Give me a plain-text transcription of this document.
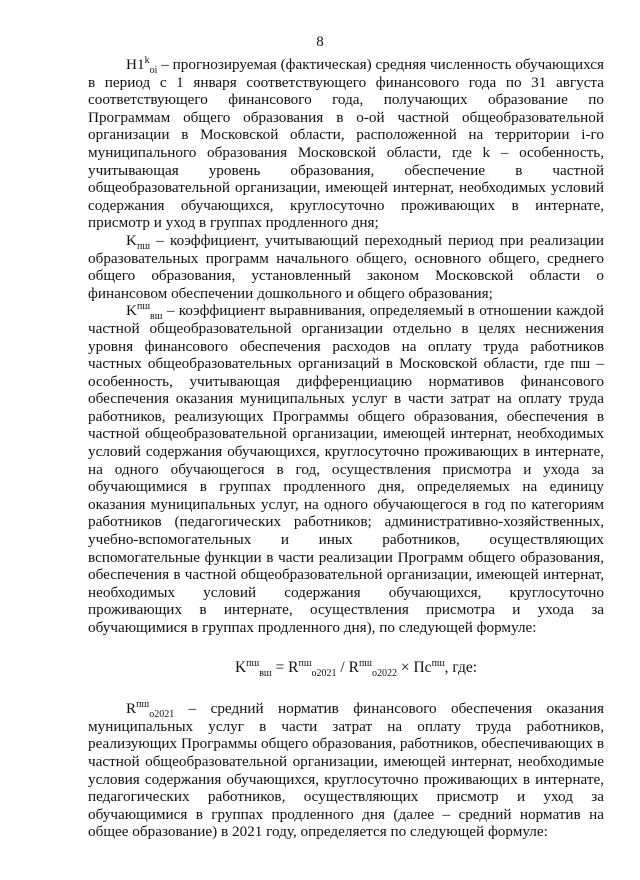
8

$H1^k_{oi}$ – прогнозируемая (фактическая) средняя численность обучающихся в период с 1 января соответствующего финансового года по 31 августа соответствующего финансового года, получающих образование по Программам общего образования в о-ой частной общеобразовательной организации в Московской области, расположенной на территории i-го муниципального образования Московской области, где k – особенность, учитывающая уровень образования, обеспечение в частной общеобразовательной организации, имеющей интернат, необходимых условий содержания обучающихся, круглосуточно проживающих в интернате, присмотр и уход в группах продленного дня;

$K_{пш}$ – коэффициент, учитывающий переходный период при реализации образовательных программ начального общего, основного общего, среднего общего образования, установленный законом Московской области о финансовом обеспечении дошкольного и общего образования;

$K^{пш}_{вш}$ – коэффициент выравнивания, определяемый в отношении каждой частной общеобразовательной организации отдельно в целях неснижения уровня финансового обеспечения расходов на оплату труда работников частных общеобразовательных организаций в Московской области, где пш – особенность, учитывающая дифференциацию нормативов финансового обеспечения оказания муниципальных услуг в части затрат на оплату труда работников, реализующих Программы общего образования, обеспечения в частной общеобразовательной организации, имеющей интернат, необходимых условий содержания обучающихся, круглосуточно проживающих в интернате, на одного обучающегося в год, осуществления присмотра и ухода за обучающимися в группах продленного дня, определяемых на единицу оказания муниципальных услуг, на одного обучающегося в год по категориям работников (педагогических работников; административно-хозяйственных, учебно-вспомогательных и иных работников, осуществляющих вспомогательные функции в части реализации Программ общего образования, обеспечения в частной общеобразовательной организации, имеющей интернат, необходимых условий содержания обучающихся, круглосуточно проживающих в интернате, осуществления присмотра и ухода за обучающимися в группах продленного дня), по следующей формуле:

$K^{пш}_{вш} = R^{пш}_{о2021} / R^{пш}_{о2022} \times Пс^{пш}$, где:

$R^{пш}_{о2021}$ – средний норматив финансового обеспечения оказания муниципальных услуг в части затрат на оплату труда работников, реализующих Программы общего образования, работников, обеспечивающих в частной общеобразовательной организации, имеющей интернат, необходимые условия содержания обучающихся, круглосуточно проживающих в интернате, педагогических работников, осуществляющих присмотр и уход за обучающимися в группах продленного дня (далее – средний норматив на общее образование) в 2021 году, определяется по следующей формуле:
